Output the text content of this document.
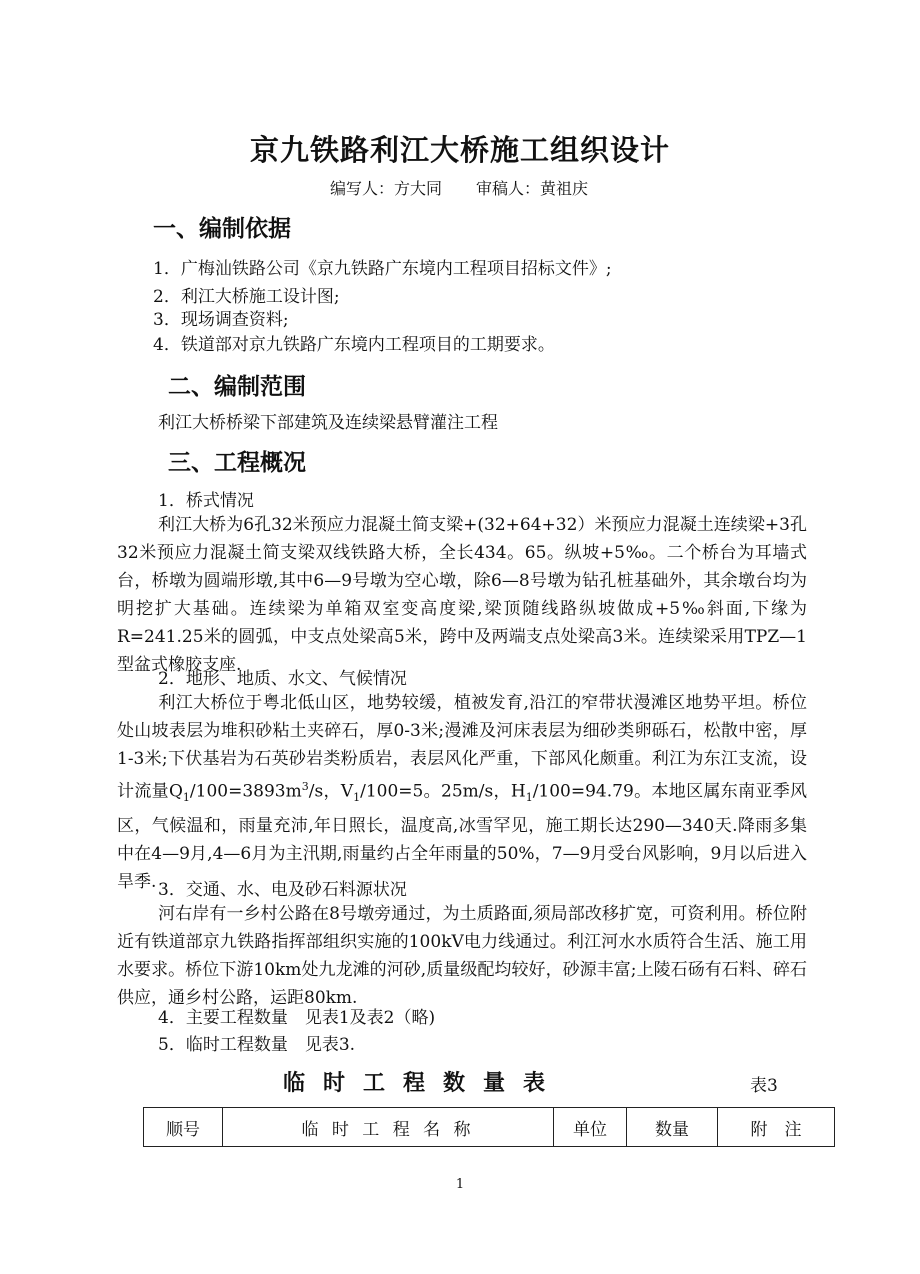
京九铁路利江大桥施工组织设计
编写人：方大同 审稿人：黄祖庆
一、编制依据
1．广梅汕铁路公司《京九铁路广东境内工程项目招标文件》;
2．利江大桥施工设计图;
3．现场调查资料;
4．铁道部对京九铁路广东境内工程项目的工期要求。
二、编制范围
利江大桥桥梁下部建筑及连续梁悬臂灌注工程
三、工程概况
1．桥式情况
利江大桥为6孔32米预应力混凝土简支梁+(32+64+32）米预应力混凝土连续梁+3孔32米预应力混凝土简支梁双线铁路大桥，全长434。65。纵坡+5‰。二个桥台为耳墙式台，桥墩为圆端形墩,其中6—9号墩为空心墩，除6—8号墩为钻孔桩基础外，其余墩台均为明挖扩大基础。连续梁为单箱双室变高度梁,梁顶随线路纵坡做成+5‰斜面,下缘为R=241.25米的圆弧，中支点处梁高5米，跨中及两端支点处梁高3米。连续梁采用TPZ—1型盆式橡胶支座.
2．地形、地质、水文、气候情况
利江大桥位于粤北低山区，地势较缓，植被发育,沿江的窄带状漫滩区地势平坦。桥位处山坡表层为堆积砂粘土夹碎石，厚0-3米;漫滩及河床表层为细砂类卵砾石，松散中密，厚1-3米;下伏基岩为石英砂岩类粉质岩，表层风化严重，下部风化颇重。利江为东江支流，设计流量$Q_1/100=3893m^3/s$，$V_1/100=5$。25m/s，$H_1/100=94.79$。本地区属东南亚季风区，气候温和，雨量充沛,年日照长，温度高,冰雪罕见，施工期长达290—340天.降雨多集中在4—9月,4—6月为主汛期,雨量约占全年雨量的50%，7—9月受台风影响，9月以后进入旱季. 3．交通、水、电及砂石料源状况
河右岸有一乡村公路在8号墩旁通过，为土质路面,须局部改移扩宽，可资利用。桥位附近有铁道部京九铁路指挥部组织实施的100kV电力线通过。利江河水水质符合生活、施工用水要求。桥位下游10km处九龙滩的河砂,质量级配均较好，砂源丰富;上陵石砀有石料、碎石供应，通乡村公路，运距80km.
4．主要工程数量　见表1及表2（略)
5．临时工程数量　见表3.
临时工程数量表	表3
顺号	临 时 工 程 名 称	单位	数量	附　注
1
